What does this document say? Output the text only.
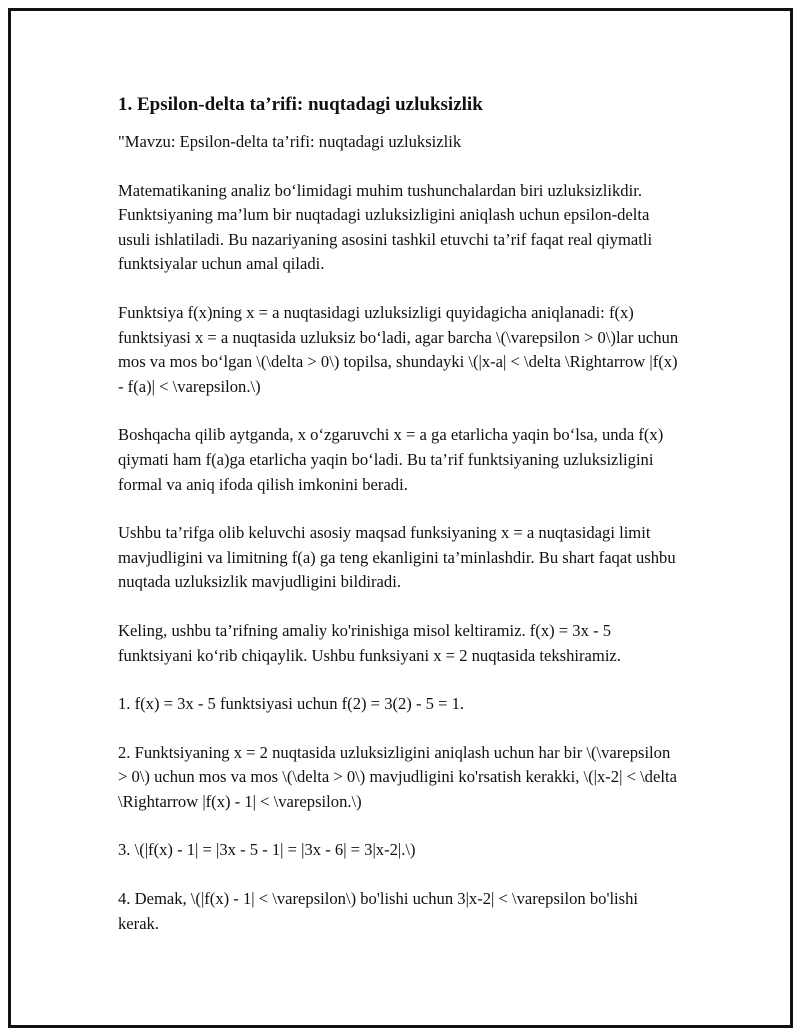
1. Epsilon-delta ta’rifi: nuqtadagi uzluksizlik

"Mavzu: Epsilon-delta ta’rifi: nuqtadagi uzluksizlik

Matematikaning analiz bo‘limidagi muhim tushunchalardan biri uzluksizlikdir. Funktsiyaning ma’lum bir nuqtadagi uzluksizligini aniqlash uchun epsilon-delta usuli ishlatiladi. Bu nazariyaning asosini tashkil etuvchi ta’rif faqat real qiymatli funktsiyalar uchun amal qiladi.

Funktsiya f(x)ning x = a nuqtasidagi uzluksizligi quyidagicha aniqlanadi: f(x) funktsiyasi x = a nuqtasida uzluksiz bo‘ladi, agar barcha \(\varepsilon > 0\)lar uchun mos va mos bo‘lgan \(\delta > 0\) topilsa, shundayki \(|x-a| < \delta \Rightarrow |f(x) - f(a)| < \varepsilon.\)

Boshqacha qilib aytganda, x o‘zgaruvchi x = a ga etarlicha yaqin bo‘lsa, unda f(x) qiymati ham f(a)ga etarlicha yaqin bo‘ladi. Bu ta’rif funktsiyaning uzluksizligini formal va aniq ifoda qilish imkonini beradi.

Ushbu ta’rifga olib keluvchi asosiy maqsad funksiyaning x = a nuqtasidagi limit mavjudligini va limitning f(a) ga teng ekanligini ta’minlashdir. Bu shart faqat ushbu nuqtada uzluksizlik mavjudligini bildiradi.

Keling, ushbu ta’rifning amaliy ko'rinishiga misol keltiramiz. f(x) = 3x - 5 funktsiyani ko‘rib chiqaylik. Ushbu funksiyani x = 2 nuqtasida tekshiramiz.

1. f(x) = 3x - 5 funktsiyasi uchun f(2) = 3(2) - 5 = 1.

2. Funktsiyaning x = 2 nuqtasida uzluksizligini aniqlash uchun har bir \(\varepsilon > 0\) uchun mos va mos \(\delta > 0\) mavjudligini ko'rsatish kerakki, \(|x-2| < \delta \Rightarrow |f(x) - 1| < \varepsilon.\)

3. \(|f(x) - 1| = |3x - 5 - 1| = |3x - 6| = 3|x-2|.\)

4. Demak, \(|f(x) - 1| < \varepsilon\) bo'lishi uchun 3|x-2| < \varepsilon bo'lishi kerak.
